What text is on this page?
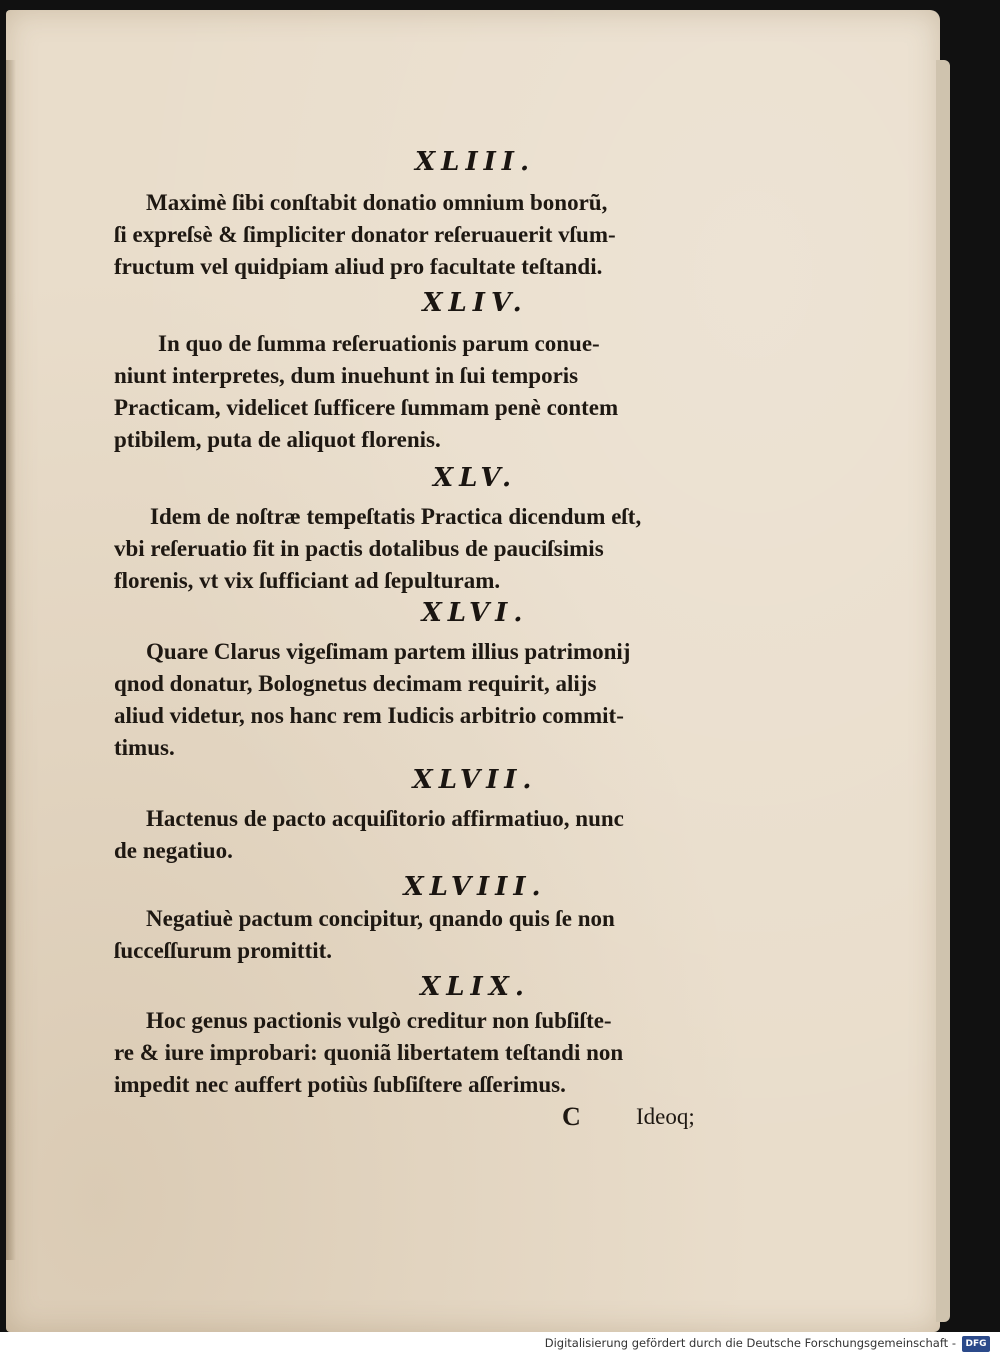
XLIII.
Maximè ſibi conſtabit donatio omnium bonorũ,
ſi expreſsè & ſimpliciter donator reſeruauerit vſum-
fructum vel quidpiam aliud pro facultate teſtandi.
XLIV.
In quo de ſumma reſeruationis parum conue-
niunt interpretes, dum inuehunt in ſui temporis
Practicam, videlicet ſufficere ſummam penè contem
ptibilem, puta de aliquot florenis.
XLV.
Idem de noſtræ tempeſtatis Practica dicendum eſt,
vbi reſeruatio fit in pactis dotalibus de pauciſsimis
florenis, vt vix ſufficiant ad ſepulturam.
XLVI.
Quare Clarus vigeſimam partem illius patrimonij
qnod donatur, Bolognetus decimam requirit, alijs
aliud videtur, nos hanc rem Iudicis arbitrio commit-
timus.
XLVII.
Hactenus de pacto acquiſitorio affirmatiuo, nunc
de negatiuo.
XLVIII.
Negatiuè pactum concipitur, qnando quis ſe non
ſucceſſurum promittit.
XLIX.
Hoc genus pactionis vulgò creditur non ſubſiſte-
re & iure improbari: quoniã libertatem teſtandi non
impedit nec auffert potiùs ſubſiſtere aſſerimus.
C Ideoq;
Digitalisierung gefördert durch die Deutsche Forschungsgemeinschaft -	DFG
